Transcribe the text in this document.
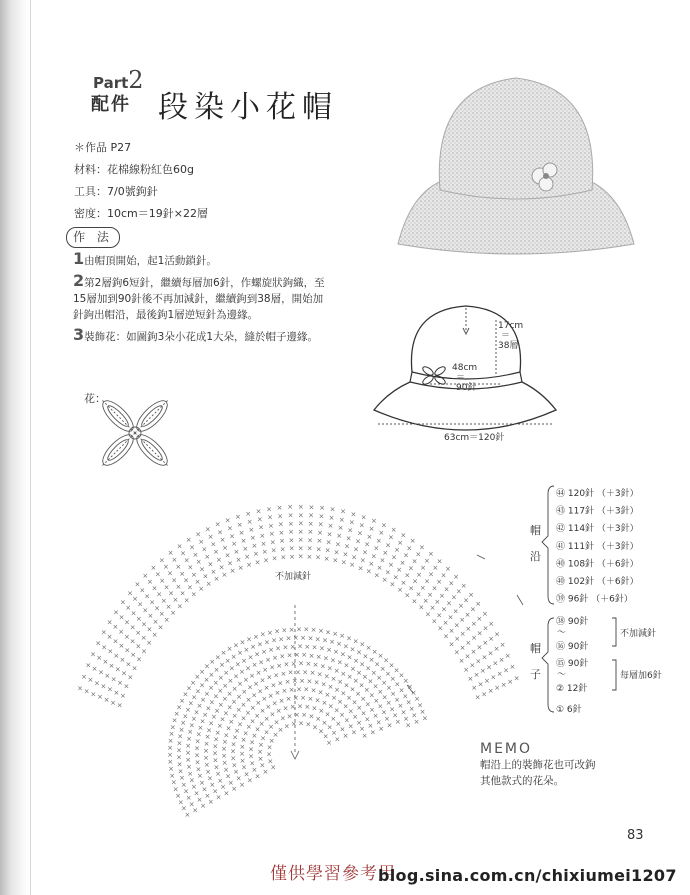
Part2
配件 段染小花帽
＊作品 P27
材料：花棉線粉紅色60g
工具：7/0號鉤針
密度：10cm＝19針×22層
作 法
1由帽頂開始，起1活動鎖針。
2第2層鉤6短針，繼續每層加6針，作螺旋狀鉤織，至15層加到90針後不再加減針，繼續鉤到38層，開始加針鉤出帽沿，最後鉤1層逆短針為邊緣。
3裝飾花：如圖鉤3朵小花成1大朵，縫於帽子邊緣。
17cm
＝
38層
48cm
＝
90針
63cm＝120針
花：
×
×
×
×
×
×
×
×
×
×
×
×
×
×
×
×
×
×
×
×
× × × × × × × × × × × × × × ×
×
×
×
×
×
×
×
×
×
×
×
×
×
×
×
×
×
×
×
×
×
×
×
×
×
×
×
×
×
×
×
×
×
×
×
×
×
×
× × × × × × × × × × × × × × × ×
×
×
×
×
×
×
×
×
×
×
×
×
×
×
×
×
×
×
×
×
×
×
×
×
×
×
×
×
×
×
×
×
×
×
×
×
×
×
× × × × × × × × × × × × × × × × ×
×
×
×
×
×
×
×
×
×
×
×
×
×
×
×
×
×
×
×
×
×
×
×
×
×
×
×
×
×
×
×
×
×
×
×
×
×
× × × × × × × × × × × × × × × × ×
×
×
×
×
×
×
×
×
×
×
×
×
×
×
×
×
×
×
×
×
×
×
×
×
×
×
×
×
×
×
×
×
×
×
×
×
×
× × × × × × × × × × × × × × × × ×
×
×
×
×
×
×
×
×
×
×
×
×
×
×
×
×
×
×
×
×
×
×
×
×
×
×
×
×
×
×
×
×
×
×
×
×
× × × × × × × × × × × × × × × × × × ×
×
×
×
×
×
×
×
×
×
×
×
×
×
×
×
×
×
×
×
×
×
×
×
×
×
×
×
×
×
×
×
×
×
×
×
× × × × × × × × × × × × × × × × × × ×
×
×
×
×
×
×
×
×
×
×
×
×
×
×
×
×
×
×
×
×
×
×
×
×
×
×
×
×
×
×
×
×
×
×
×
×
×
×
×
×
×
×
×
× × × × × × × × × × × × × × × × × × × × × × ×
×
×
×
×
×
×
×
×
×
×
×
×
×
×
×
×
×
×
×
×
×
×
×
×
×
×
×
×
×
×
×
×
×
×
×
×
× × × × × × × × × × × × × × × × × × × × × ×
×
×
×
×
×
×
×
×
×
×
×
×
×
×
×
×
×
×
×
×
×
×
×
×
×
×
×
×
×
×
×
×
×
×
× × × × × × × × × × × × × × × × × × ×
×
×
×
×
×
×
×
×
×
×
×
×
×
×
×
×
×
×
×
×
×
×
×
×
×
×
×
×
×
×
×
×
× × × × × × × × × × × × × × × × × ×
×
×
×
×
×
×
×
×
×
×
×
×
×
×
×
×
×
×
×
×
×
×
×
×
×
×
×
×
× × × × × × × × × × × × × × × × ×
×
×
×
×
×
×
×
×
×
×
×
×
×
×
×
×
×
×
×
×
×
×
×
×
×
× × × × × × × × × × × × × × ×
×
×
×
×
×
×
×
×
×
×
×
×
×
×
×
×
×
×
×
×
×
×
×
× × × × × × × × × × × × × ×
×
×
×
×
×
×
×
×
×
×
×
×
×
×
×
×
×
×
×
×
× × × × × × × × × × × × ×
×
×
×
×
×
×
×
×
×
×
×
×
×
×
×
×
×
×
× × × × × × × × × ×
×
×
×
×
×
×
×
×
×
×
×
×
×
×
×
× × × × × × × × ×
×
×
×
×
×
×
×
×
×
×
×
×
× × × × × × × ×
×
×
×
×
×
×
×
×
×
× × × × × × ×
×
×
不加減針
帽
沿
帽
子
㊹ 120針 （＋3針）
㊸ 117針 （＋3針）
㊷ 114針 （＋3針）
㊶ 111針 （＋3針）
㊵ 108針 （＋6針）
㊵ 102針 （＋6針）
㊴ 96針 （＋6針）
㊳ 90針
⑯ 90針
⑮ 90針
② 12針
① 6針
～
～
不加減針
每層加6針
MEMO
帽沿上的裝飾花也可改鉤
其他款式的花朵。
83
僅供學習參考用
blog.sina.com.cn/chixiumei1207
